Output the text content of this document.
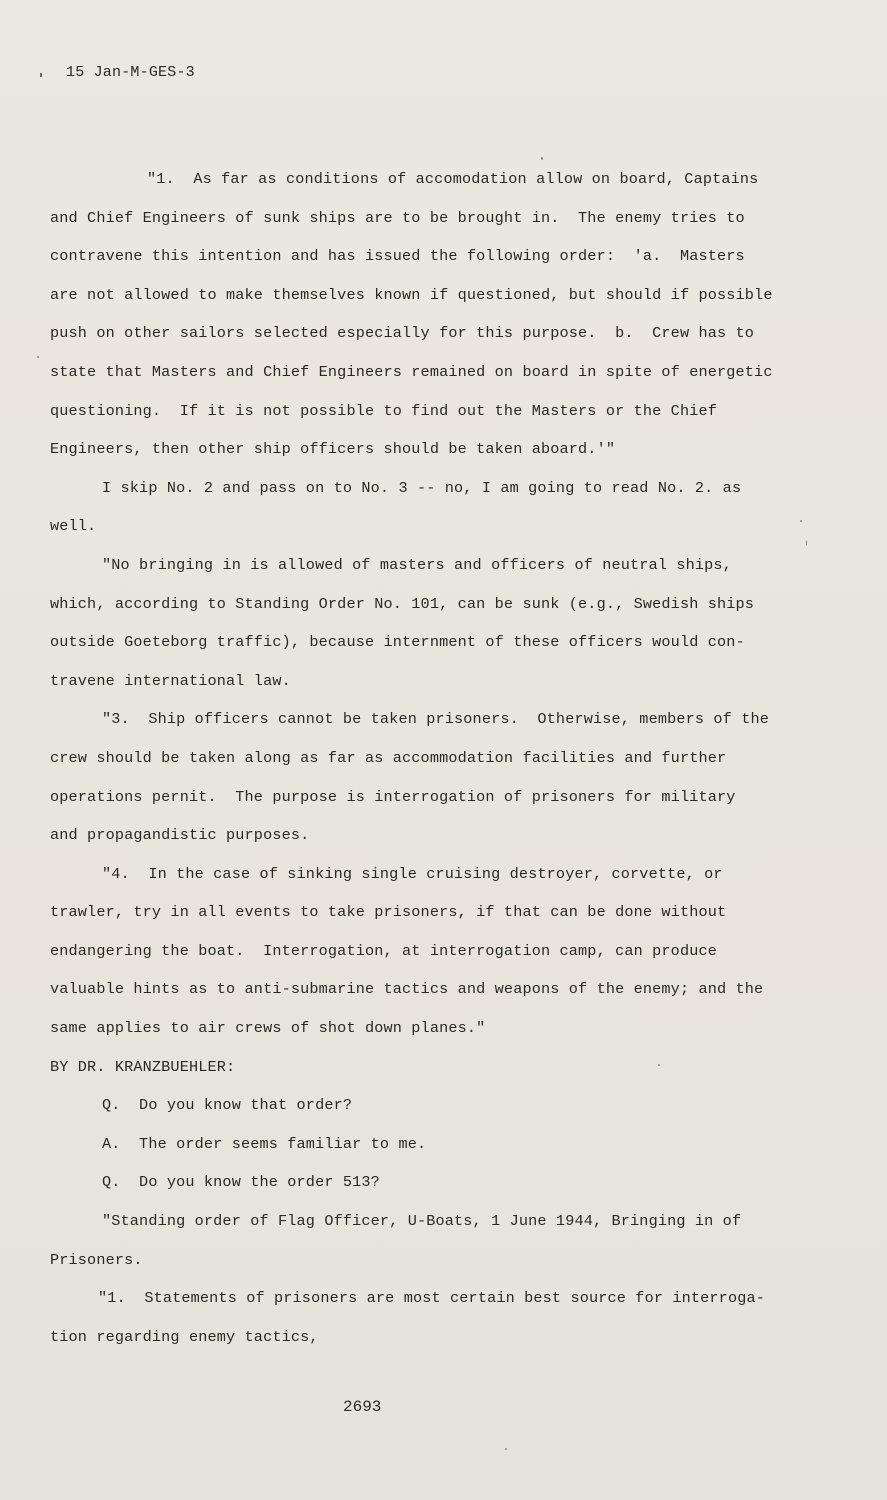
15 Jan-M-GES-3
"1.  As far as conditions of accomodation allow on board, Captains
and Chief Engineers of sunk ships are to be brought in.  The enemy tries to
contravene this intention and has issued the following order:  'a.  Masters
are not allowed to make themselves known if questioned, but should if possible
push on other sailors selected especially for this purpose.  b.  Crew has to
state that Masters and Chief Engineers remained on board in spite of energetic
questioning.  If it is not possible to find out the Masters or the Chief
Engineers, then other ship officers should be taken aboard.'"
I skip No. 2 and pass on to No. 3 -- no, I am going to read No. 2. as
well.
"No bringing in is allowed of masters and officers of neutral ships,
which, according to Standing Order No. 101, can be sunk (e.g., Swedish ships
outside Goeteborg traffic), because internment of these officers would con-
travene international law.
"3.  Ship officers cannot be taken prisoners.  Otherwise, members of the
crew should be taken along as far as accommodation facilities and further
operations pernit.  The purpose is interrogation of prisoners for military
and propagandistic purposes.
"4.  In the case of sinking single cruising destroyer, corvette, or
trawler, try in all events to take prisoners, if that can be done without
endangering the boat.  Interrogation, at interrogation camp, can produce
valuable hints as to anti-submarine tactics and weapons of the enemy; and the
same applies to air crews of shot down planes."
BY DR. KRANZBUEHLER:
Q.  Do you know that order?
A.  The order seems familiar to me.
Q.  Do you know the order 513?
"Standing order of Flag Officer, U-Boats, 1 June 1944, Bringing in of
Prisoners.
"1.  Statements of prisoners are most certain best source for interroga-
tion regarding enemy tactics,
2693
